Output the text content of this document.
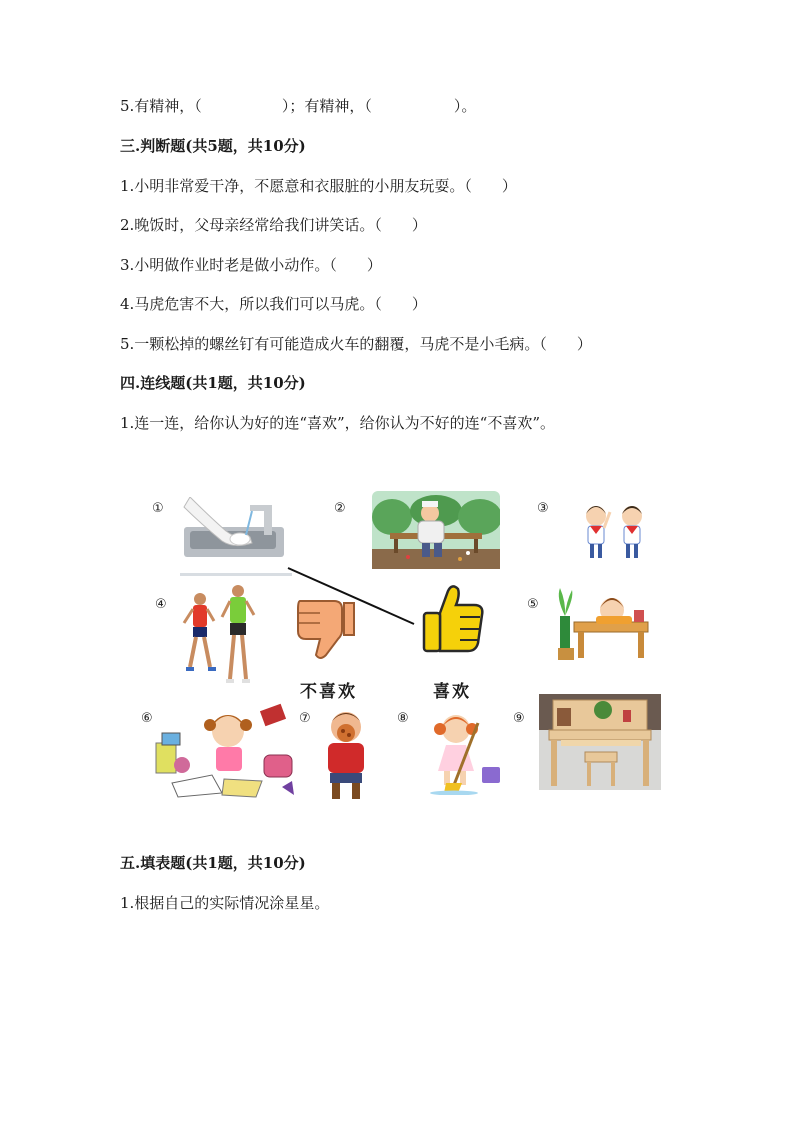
5.有精神，（	）；有精神，（	）。
三.判断题(共5题，共10分)
1.小明非常爱干净，不愿意和衣服脏的小朋友玩耍。（　　）
2.晚饭时，父母亲经常给我们讲笑话。（　　）
3.小明做作业时老是做小动作。（　　）
4.马虎危害不大，所以我们可以马虎。（　　）
5.一颗松掉的螺丝钉有可能造成火车的翻覆，马虎不是小毛病。（　　）
四.连线题(共1题，共10分)
1.连一连，给你认为好的连“喜欢”，给你认为不好的连“不喜欢”。
①	②	③
④	⑤
⑥	⑦	⑧	⑨
不喜欢	喜欢
五.填表题(共1题，共10分)
1.根据自己的实际情况涂星星。
